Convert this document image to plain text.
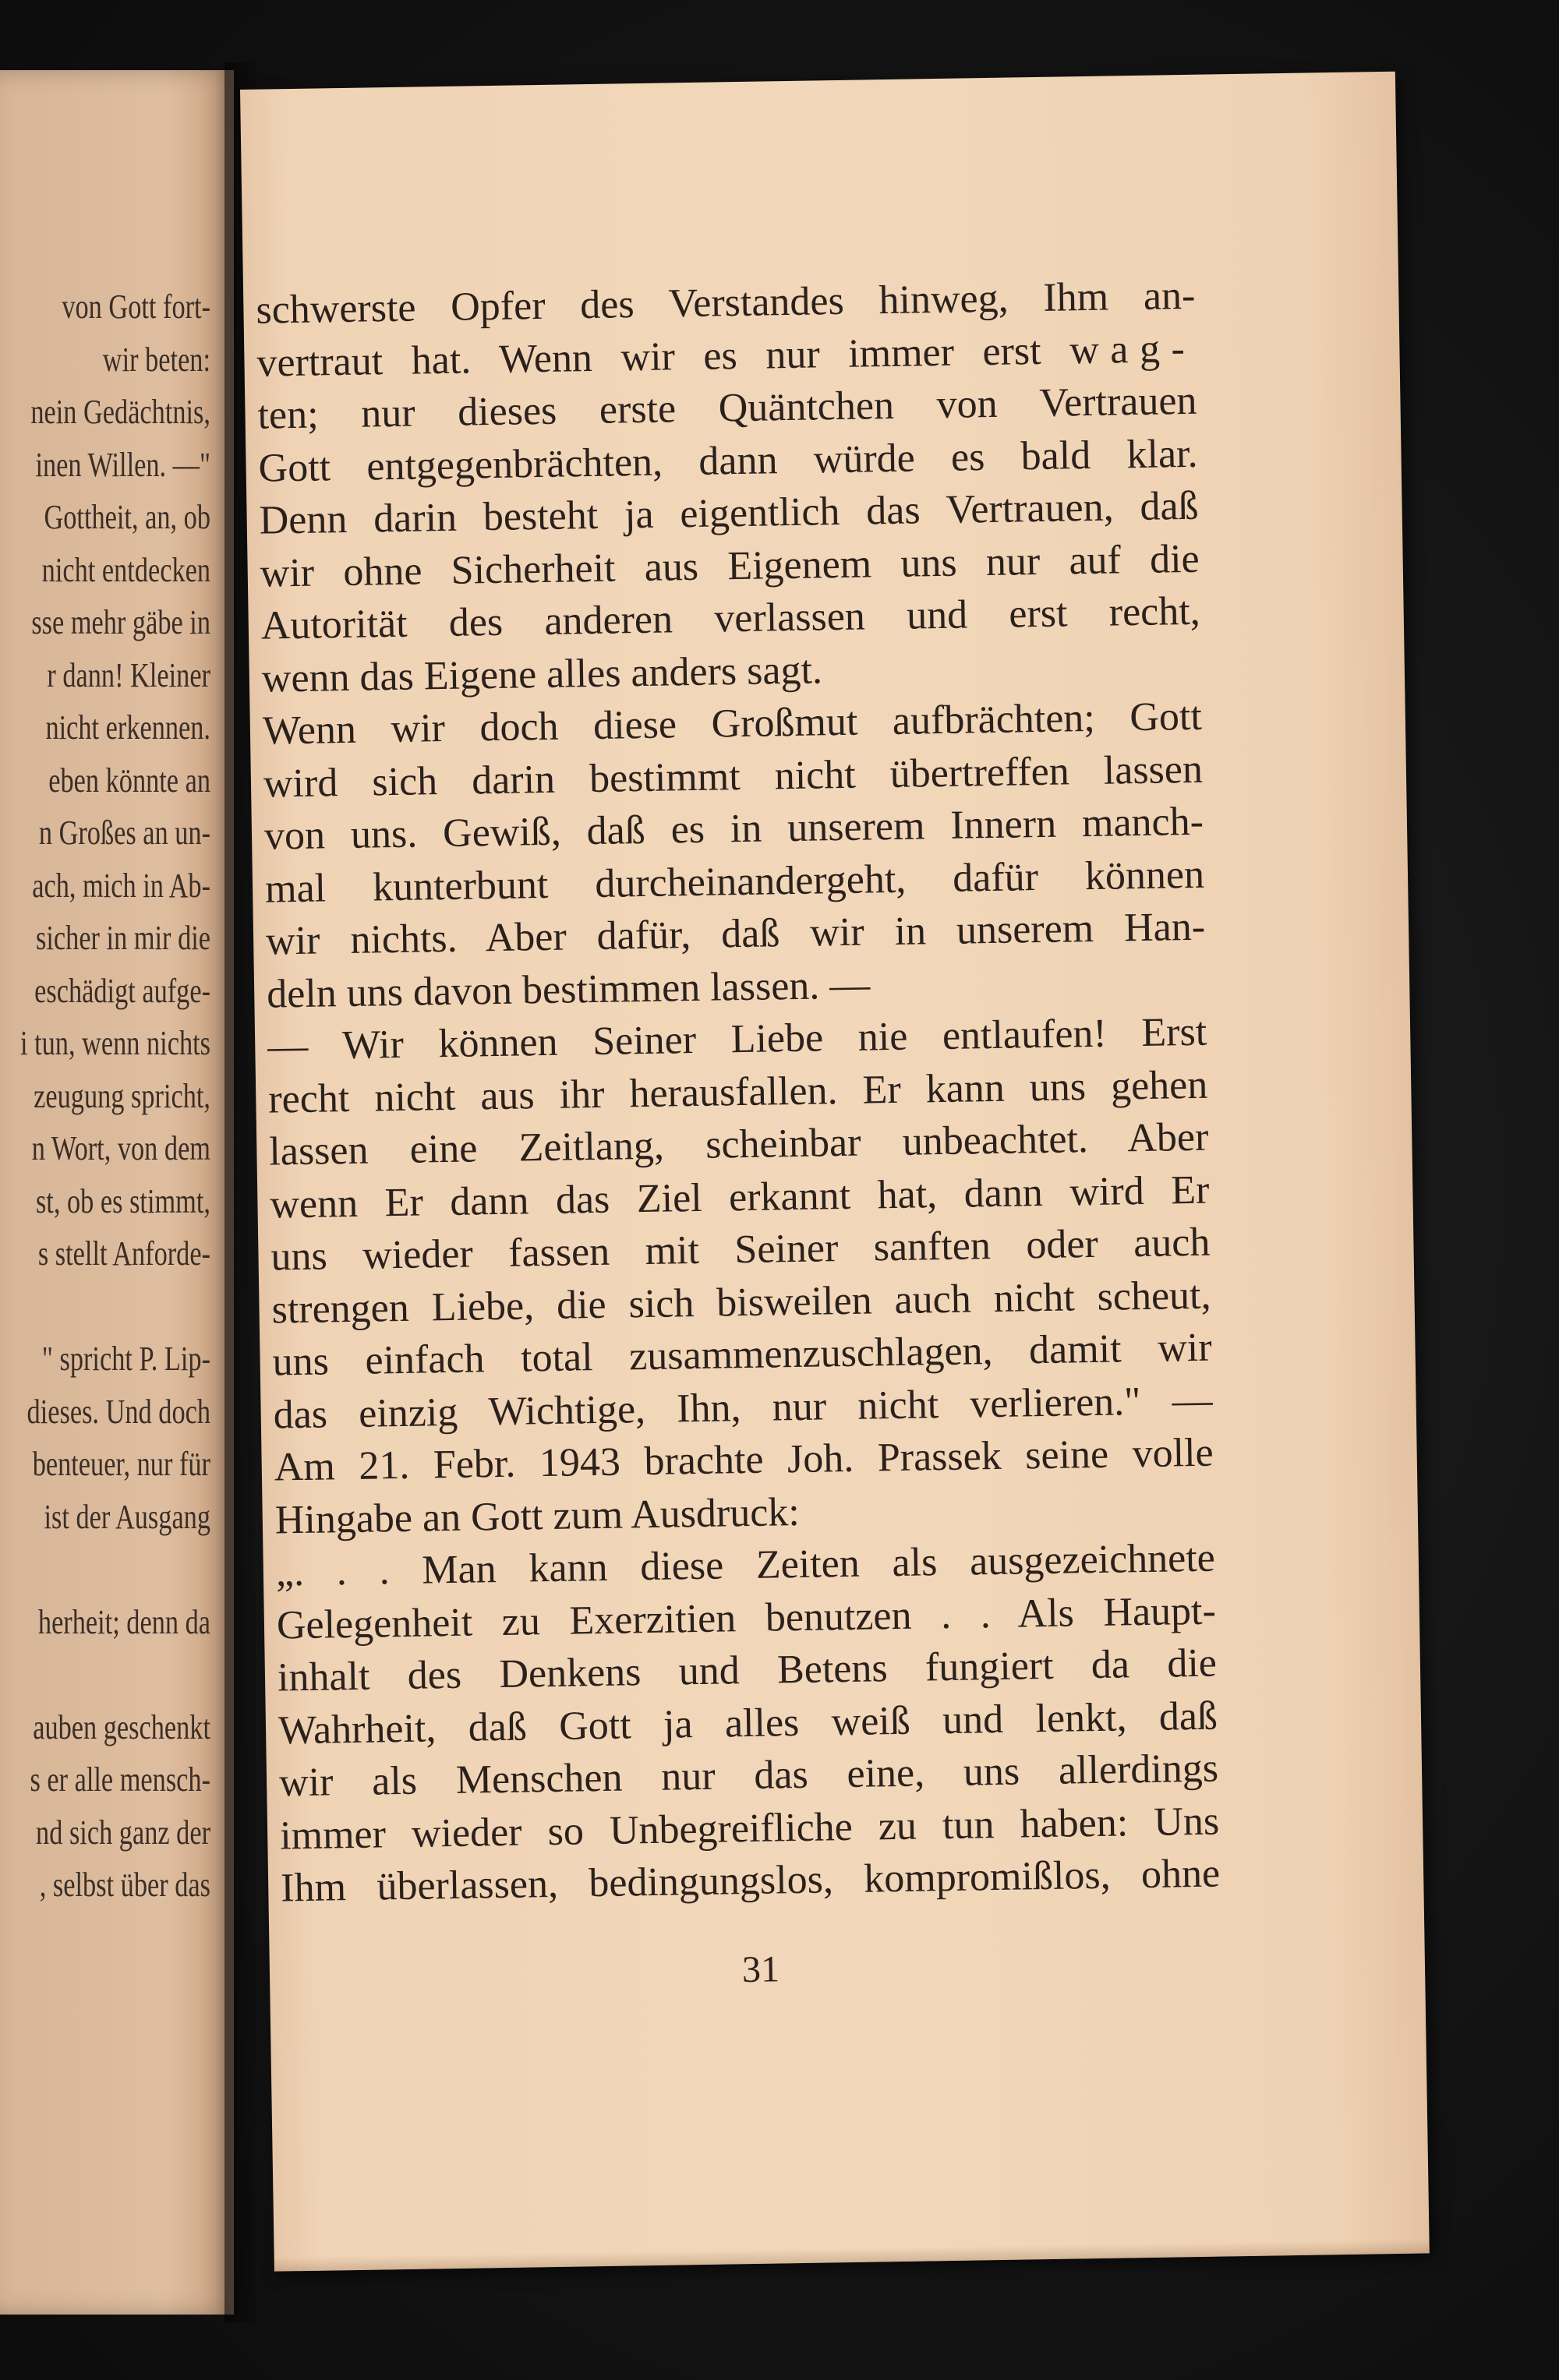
von Gott fort-
wir beten:
nein Gedächtnis,
inen Willen. —"
Gottheit, an, ob
nicht entdecken
sse mehr gäbe in
r dann! Kleiner
nicht erkennen.
eben könnte an
n Großes an un-
ach, mich in Ab-
sicher in mir die
eschädigt aufge-
i tun, wenn nichts
zeugung spricht,
n Wort, von dem
st, ob es stimmt,
s stellt Anforde-
" spricht P. Lip-
dieses. Und doch
benteuer, nur für
ist der Ausgang
herheit; denn da
auben geschenkt
s er alle mensch-
nd sich ganz der
, selbst über das
schwerste Opfer des Verstandes hinweg, Ihm an-
vertraut hat. Wenn wir es nur immer erst wag-
ten; nur dieses erste Quäntchen von Vertrauen
Gott entgegenbrächten, dann würde es bald klar.
Denn darin besteht ja eigentlich das Vertrauen, daß
wir ohne Sicherheit aus Eigenem uns nur auf die
Autorität des anderen verlassen und erst recht,
wenn das Eigene alles anders sagt.
Wenn wir doch diese Großmut aufbrächten; Gott
wird sich darin bestimmt nicht übertreffen lassen
von uns. Gewiß, daß es in unserem Innern manch-
mal kunterbunt durcheinandergeht, dafür können
wir nichts. Aber dafür, daß wir in unserem Han-
deln uns davon bestimmen lassen. —
— Wir können Seiner Liebe nie entlaufen! Erst
recht nicht aus ihr herausfallen. Er kann uns gehen
lassen eine Zeitlang, scheinbar unbeachtet. Aber
wenn Er dann das Ziel erkannt hat, dann wird Er
uns wieder fassen mit Seiner sanften oder auch
strengen Liebe, die sich bisweilen auch nicht scheut,
uns einfach total zusammenzuschlagen, damit wir
das einzig Wichtige, Ihn, nur nicht verlieren." —
Am 21. Febr. 1943 brachte Joh. Prassek seine volle
Hingabe an Gott zum Ausdruck:
„. . . Man kann diese Zeiten als ausgezeichnete
Gelegenheit zu Exerzitien benutzen . . Als Haupt-
inhalt des Denkens und Betens fungiert da die
Wahrheit, daß Gott ja alles weiß und lenkt, daß
wir als Menschen nur das eine, uns allerdings
immer wieder so Unbegreifliche zu tun haben: Uns
Ihm überlassen, bedingungslos, kompromißlos, ohne
31
